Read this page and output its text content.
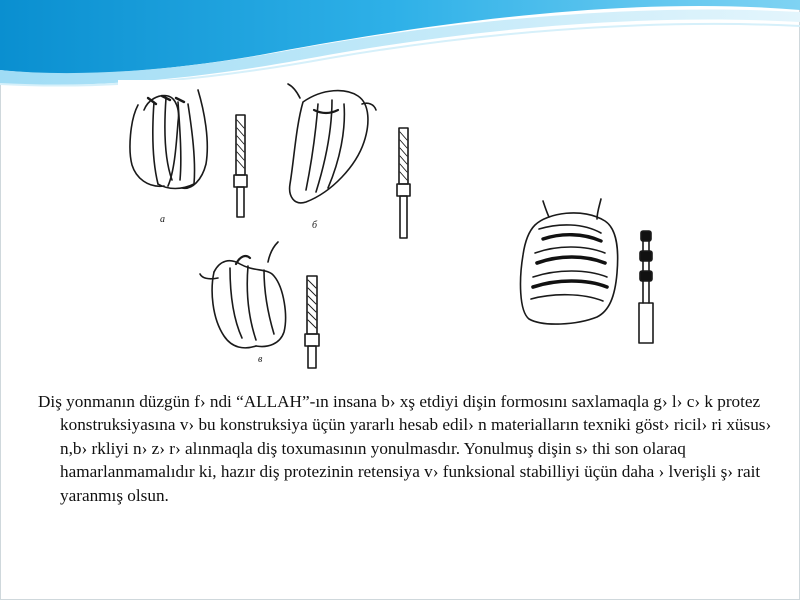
a
б
в

Diş yonmanın düzgün f› ndi “ALLAH”-ın insana b› xş etdiyi dişin formosını saxlamaqla g› l› c› k protez konstruksiyasına v› bu konstruksiya üçün yararlı hesab edil› n materialların texniki göst› ricil› ri xüsus› n,b› rkliyi n› z› r› alınmaqla diş toxumasının yonulmasdır. Yonulmuş dişin s› thi son olaraq hamarlanmamalıdır ki, hazır diş protezinin retensiya v› funksional stabilliyi üçün daha › lverişli ş› rait yaranmış olsun.
